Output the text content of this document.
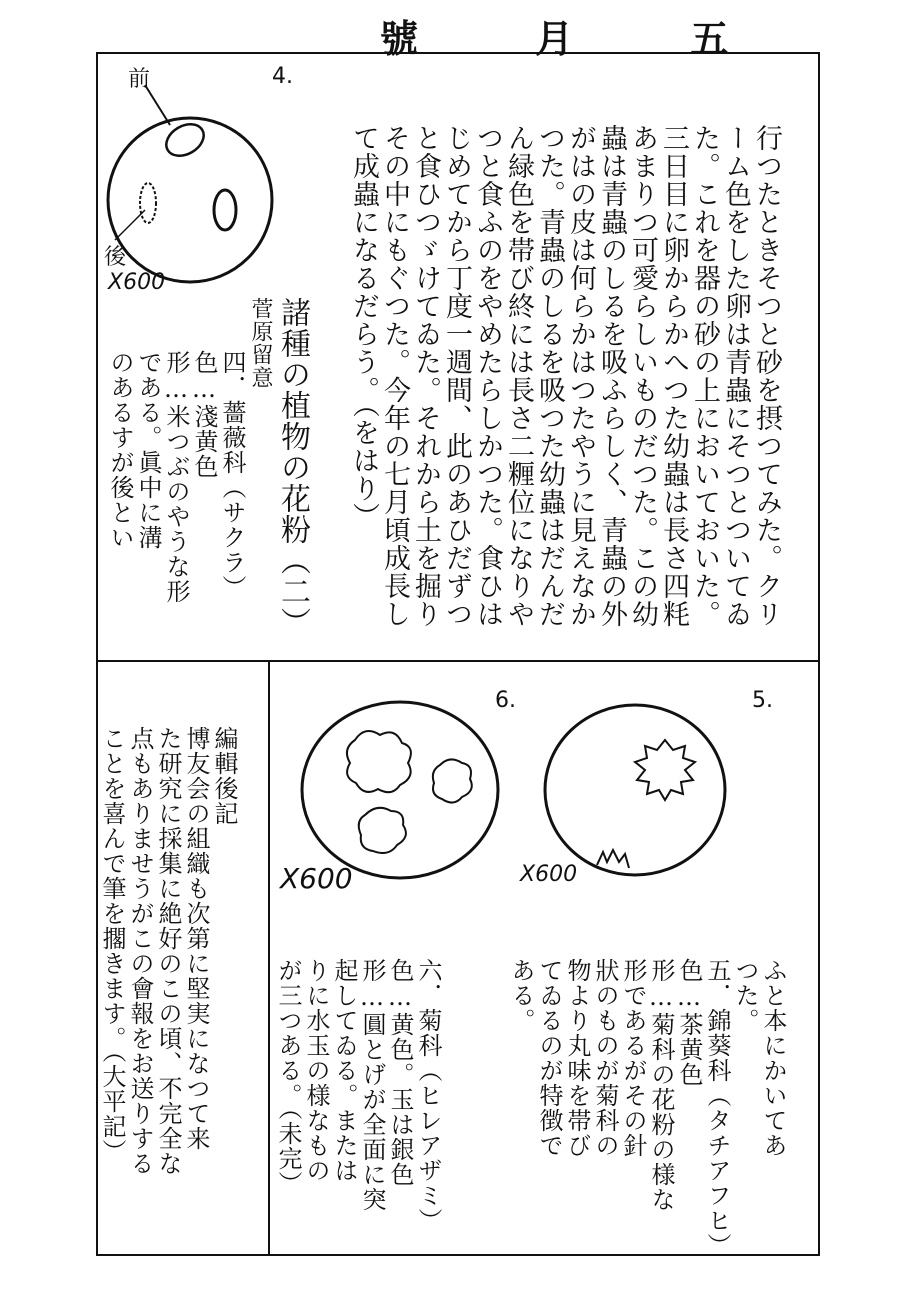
號 月 五

行つたときそつと砂を摂つてみた。クリ
ーム色をした卵は青蟲にそつとついてゐ
た。これを器の砂の上においておいた。
三日目に卵からかへつた幼蟲は長さ四粍
あまりつ可愛らしいものだつた。この幼
蟲は青蟲のしるを吸ふらしく、青蟲の外
がはの皮は何らかはつたやうに見えなか
つた。青蟲のしるを吸つた幼蟲はだんだ
ん緑色を帯び終には長さ二糎位になりや
つと食ふのをやめたらしかつた。食ひは
じめてから丁度一週間、此のあひだずつ
と食ひつゞけてゐた。それから土を掘り
その中にもぐつた。今年の七月頃成長し
て成蟲になるだらう。（をはり）

諸種の植物の花粉（二）
菅原留意

四．薔薇科（サクラ）
色…淺黄色
形…米つぶのやうな形
である。眞中に溝
のあるすが後とい

4.
前
後
X600
6.
X600
5.
X600

ふと本にかいてあ
つた。
五．錦葵科（タチアフヒ）
色…茶黄色
形…菊科の花粉の様な
形であるがその針
狀のものが菊科の
物より丸味を帯び
てゐるのが特徴で
ある。

六．菊科（ヒレアザミ）
色…黄色。玉は銀色
形…圓とげが全面に突
起してゐる。または
りに水玉の様なもの
が三つある。（未完）

編輯後記
博友会の組織も次第に堅実になつて来
た研究に採集に絶好のこの頃、不完全な
点もありませうがこの會報をお送りする
ことを喜んで筆を擱きます。（大平記）
